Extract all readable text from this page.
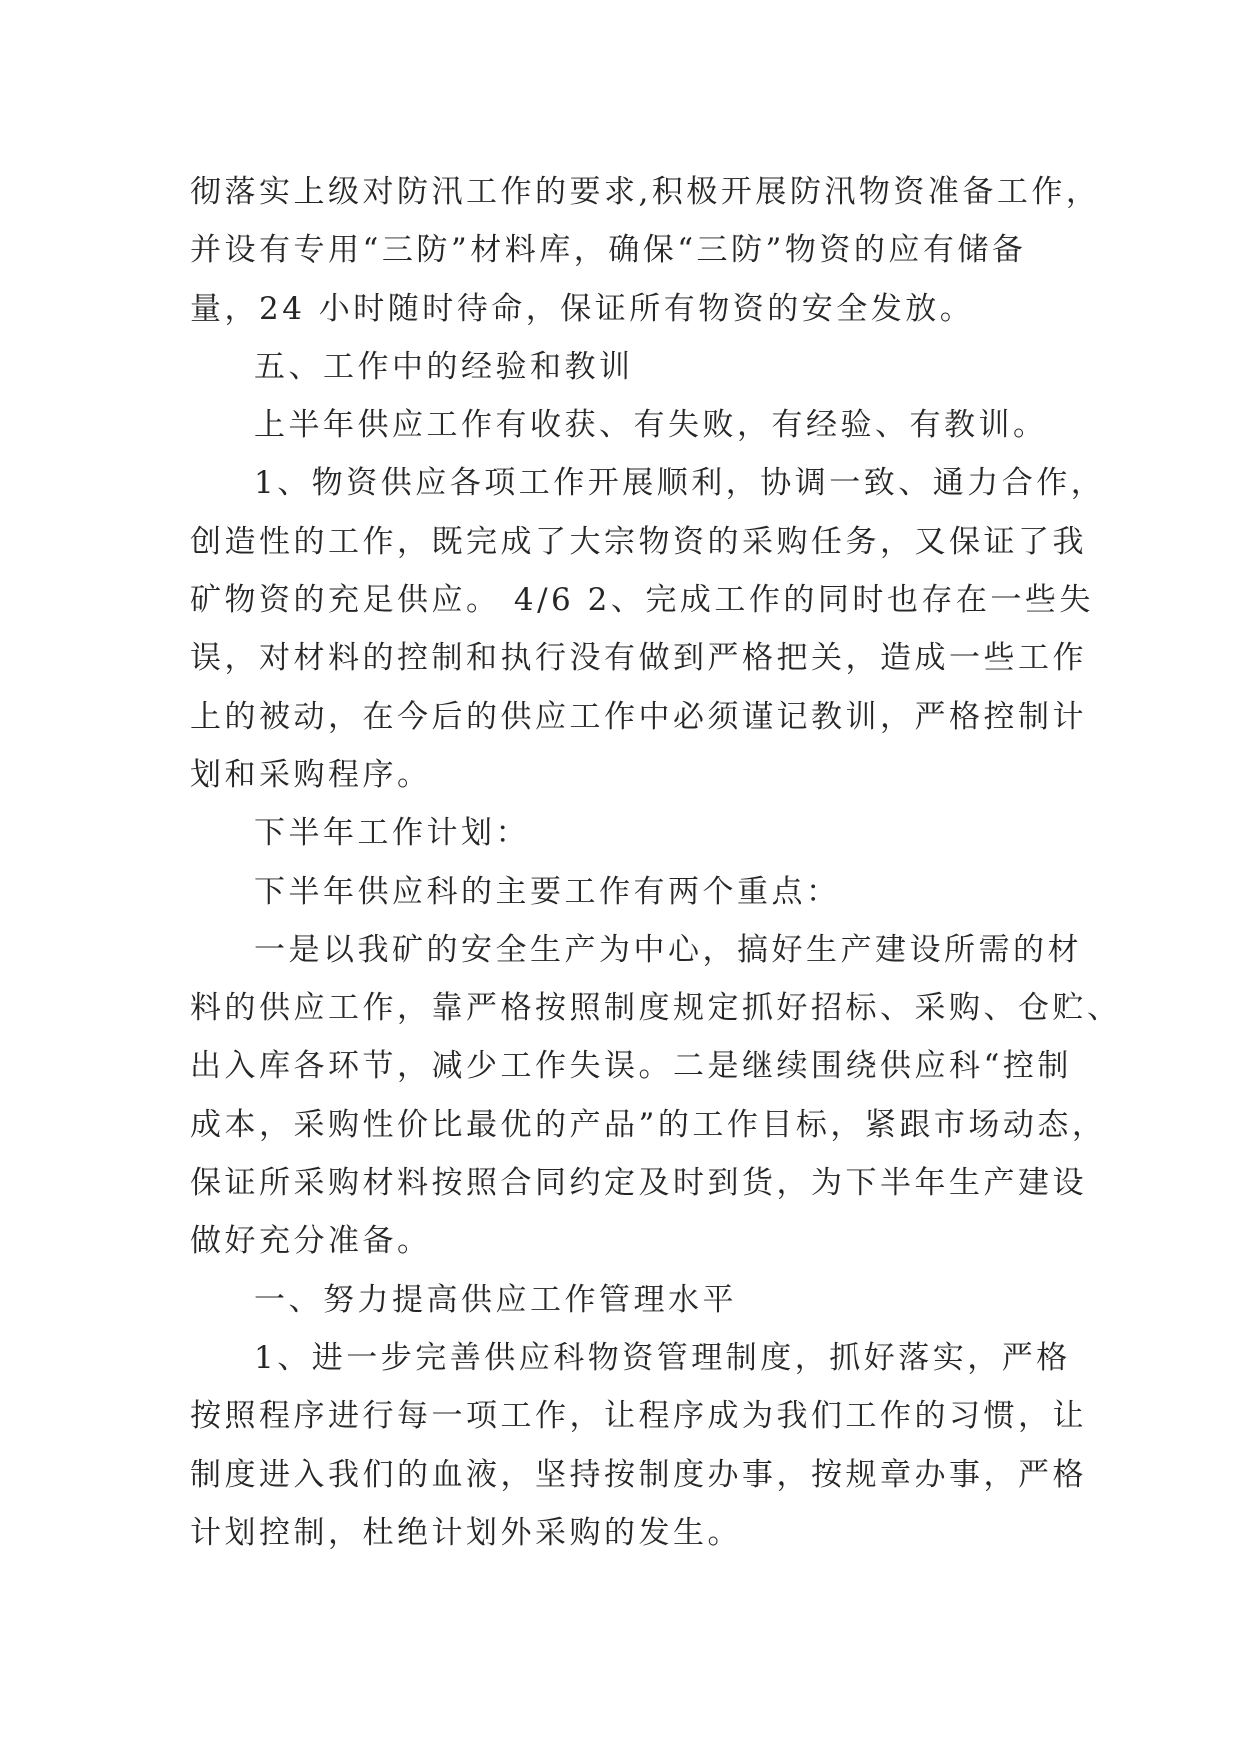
彻落实上级对防汛工作的要求,积极开展防汛物资准备工作，

并设有专用“三防”材料库，确保“三防”物资的应有储备

量，24 小时随时待命，保证所有物资的安全发放。

五、工作中的经验和教训

上半年供应工作有收获、有失败，有经验、有教训。

1、物资供应各项工作开展顺利，协调一致、通力合作，

创造性的工作，既完成了大宗物资的采购任务，又保证了我

矿物资的充足供应。 4/6 2、完成工作的同时也存在一些失

误，对材料的控制和执行没有做到严格把关，造成一些工作

上的被动，在今后的供应工作中必须谨记教训，严格控制计

划和采购程序。

下半年工作计划：

下半年供应科的主要工作有两个重点：

一是以我矿的安全生产为中心，搞好生产建设所需的材

料的供应工作，靠严格按照制度规定抓好招标、采购、仓贮、

出入库各环节，减少工作失误。二是继续围绕供应科“控制

成本，采购性价比最优的产品”的工作目标，紧跟市场动态，

保证所采购材料按照合同约定及时到货，为下半年生产建设

做好充分准备。

一、努力提高供应工作管理水平

1、进一步完善供应科物资管理制度，抓好落实，严格

按照程序进行每一项工作，让程序成为我们工作的习惯，让

制度进入我们的血液，坚持按制度办事，按规章办事，严格

计划控制，杜绝计划外采购的发生。
